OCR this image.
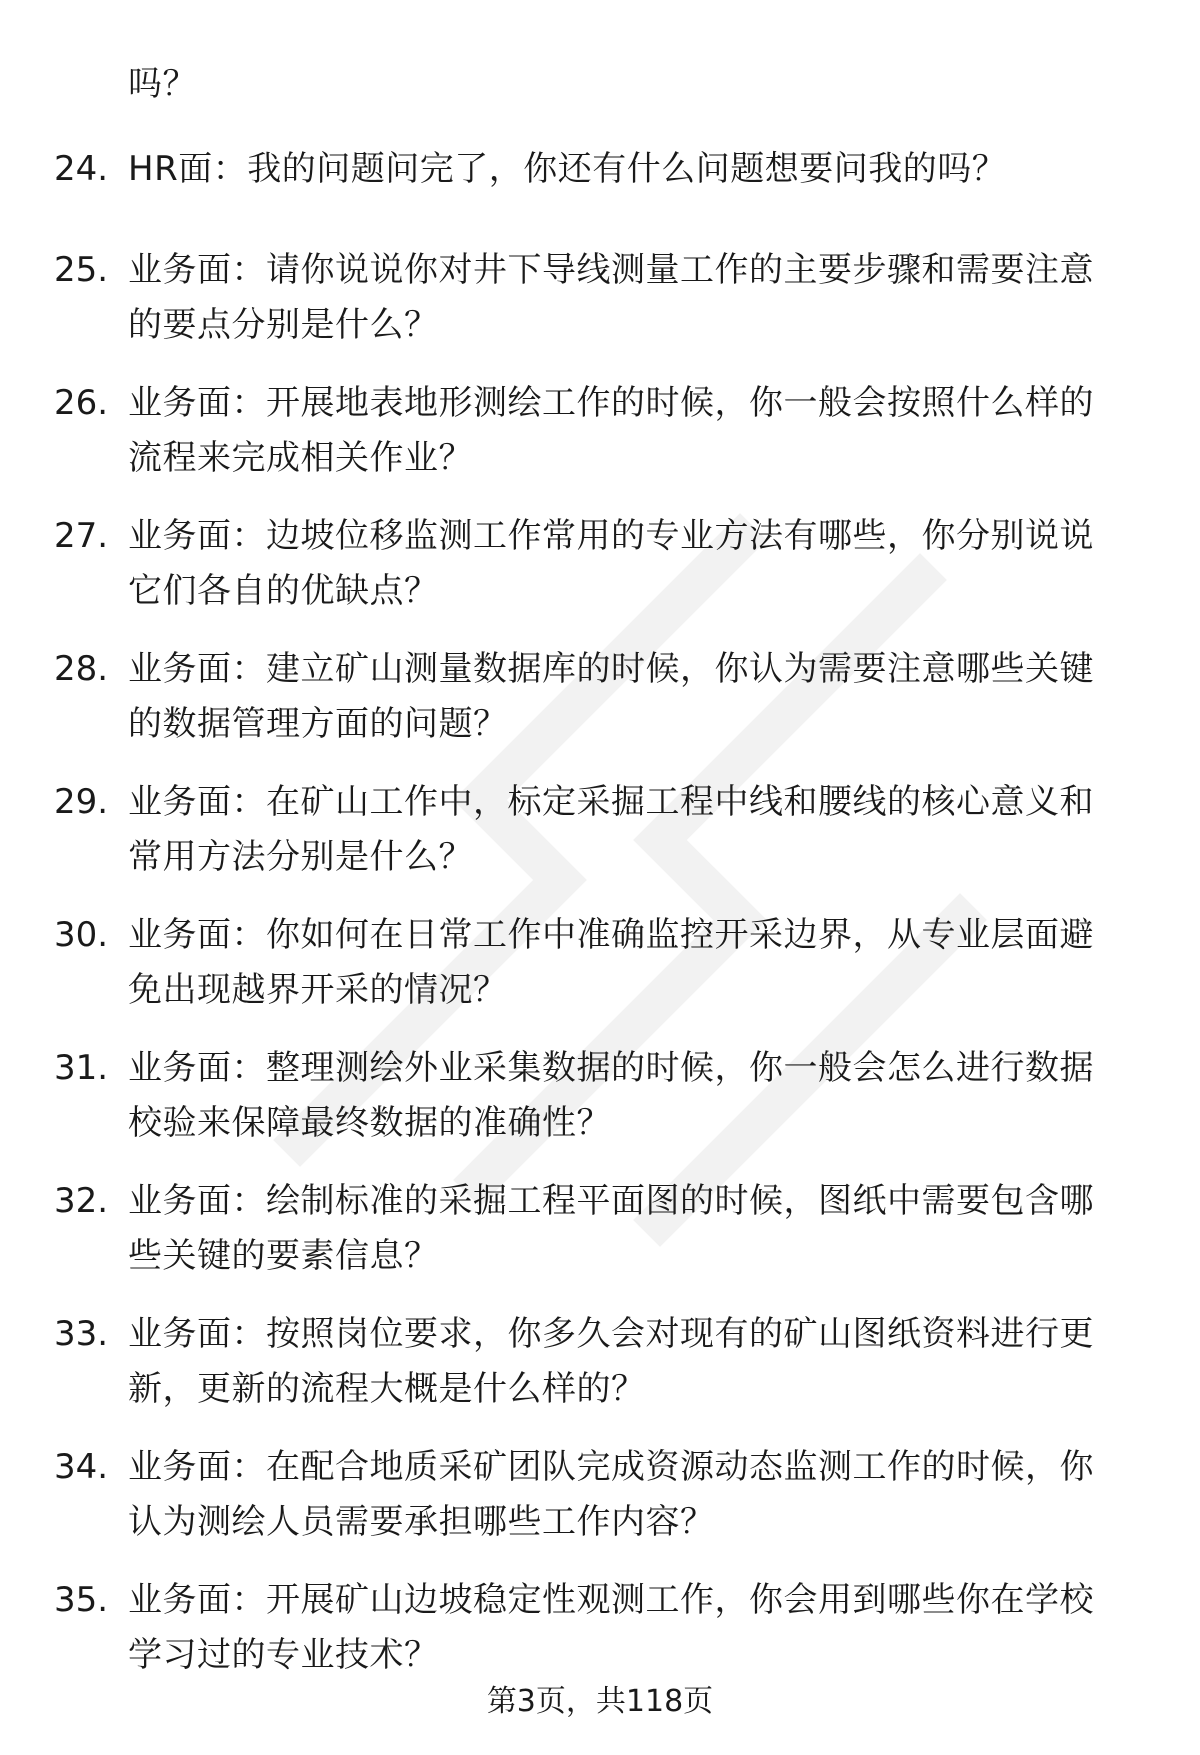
吗？
24. HR面：我的问题问完了，你还有什么问题想要问我的吗？
25. 业务面：请你说说你对井下导线测量工作的主要步骤和需要注意
的要点分别是什么？
26. 业务面：开展地表地形测绘工作的时候，你一般会按照什么样的
流程来完成相关作业？
27. 业务面：边坡位移监测工作常用的专业方法有哪些，你分别说说
它们各自的优缺点？
28. 业务面：建立矿山测量数据库的时候，你认为需要注意哪些关键
的数据管理方面的问题？
29. 业务面：在矿山工作中，标定采掘工程中线和腰线的核心意义和
常用方法分别是什么？
30. 业务面：你如何在日常工作中准确监控开采边界，从专业层面避
免出现越界开采的情况？
31. 业务面：整理测绘外业采集数据的时候，你一般会怎么进行数据
校验来保障最终数据的准确性？
32. 业务面：绘制标准的采掘工程平面图的时候，图纸中需要包含哪
些关键的要素信息？
33. 业务面：按照岗位要求，你多久会对现有的矿山图纸资料进行更
新，更新的流程大概是什么样的？
34. 业务面：在配合地质采矿团队完成资源动态监测工作的时候，你
认为测绘人员需要承担哪些工作内容？
35. 业务面：开展矿山边坡稳定性观测工作，你会用到哪些你在学校
学习过的专业技术？
第3页，共118页
